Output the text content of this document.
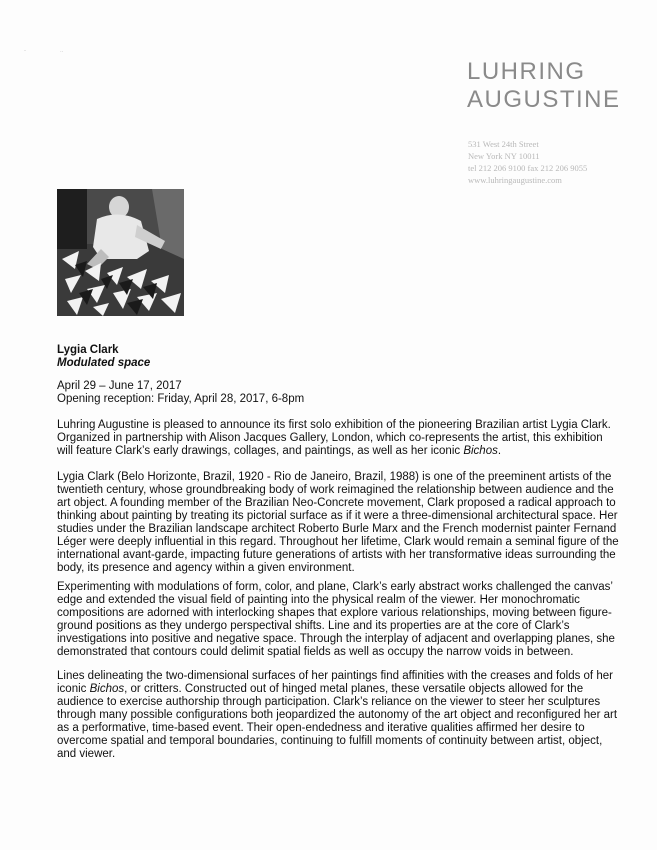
-	..
LUHRING
AUGUSTINE
531 West 24th Street
New York NY 10011
tel 212 206 9100 fax 212 206 9055
www.luhringaugustine.com
Lygia Clark
Modulated space
April 29 – June 17, 2017
Opening reception: Friday, April 28, 2017, 6-8pm
Luhring Augustine is pleased to announce its first solo exhibition of the pioneering Brazilian artist Lygia Clark.
Organized in partnership with Alison Jacques Gallery, London, which co-represents the artist, this exhibition
will feature Clark’s early drawings, collages, and paintings, as well as her iconic Bichos.
Lygia Clark (Belo Horizonte, Brazil, 1920 - Rio de Janeiro, Brazil, 1988) is one of the preeminent artists of the
twentieth century, whose groundbreaking body of work reimagined the relationship between audience and the
art object. A founding member of the Brazilian Neo-Concrete movement, Clark proposed a radical approach to
thinking about painting by treating its pictorial surface as if it were a three-dimensional architectural space. Her
studies under the Brazilian landscape architect Roberto Burle Marx and the French modernist painter Fernand
Léger were deeply influential in this regard. Throughout her lifetime, Clark would remain a seminal figure of the
international avant-garde, impacting future generations of artists with her transformative ideas surrounding the
body, its presence and agency within a given environment.
Experimenting with modulations of form, color, and plane, Clark’s early abstract works challenged the canvas’
edge and extended the visual field of painting into the physical realm of the viewer. Her monochromatic
compositions are adorned with interlocking shapes that explore various relationships, moving between figure-
ground positions as they undergo perspectival shifts. Line and its properties are at the core of Clark’s
investigations into positive and negative space. Through the interplay of adjacent and overlapping planes, she
demonstrated that contours could delimit spatial fields as well as occupy the narrow voids in between.
Lines delineating the two-dimensional surfaces of her paintings find affinities with the creases and folds of her
iconic Bichos, or critters. Constructed out of hinged metal planes, these versatile objects allowed for the
audience to exercise authorship through participation. Clark’s reliance on the viewer to steer her sculptures
through many possible configurations both jeopardized the autonomy of the art object and reconfigured her art
as a performative, time-based event. Their open-endedness and iterative qualities affirmed her desire to
overcome spatial and temporal boundaries, continuing to fulfill moments of continuity between artist, object,
and viewer.
